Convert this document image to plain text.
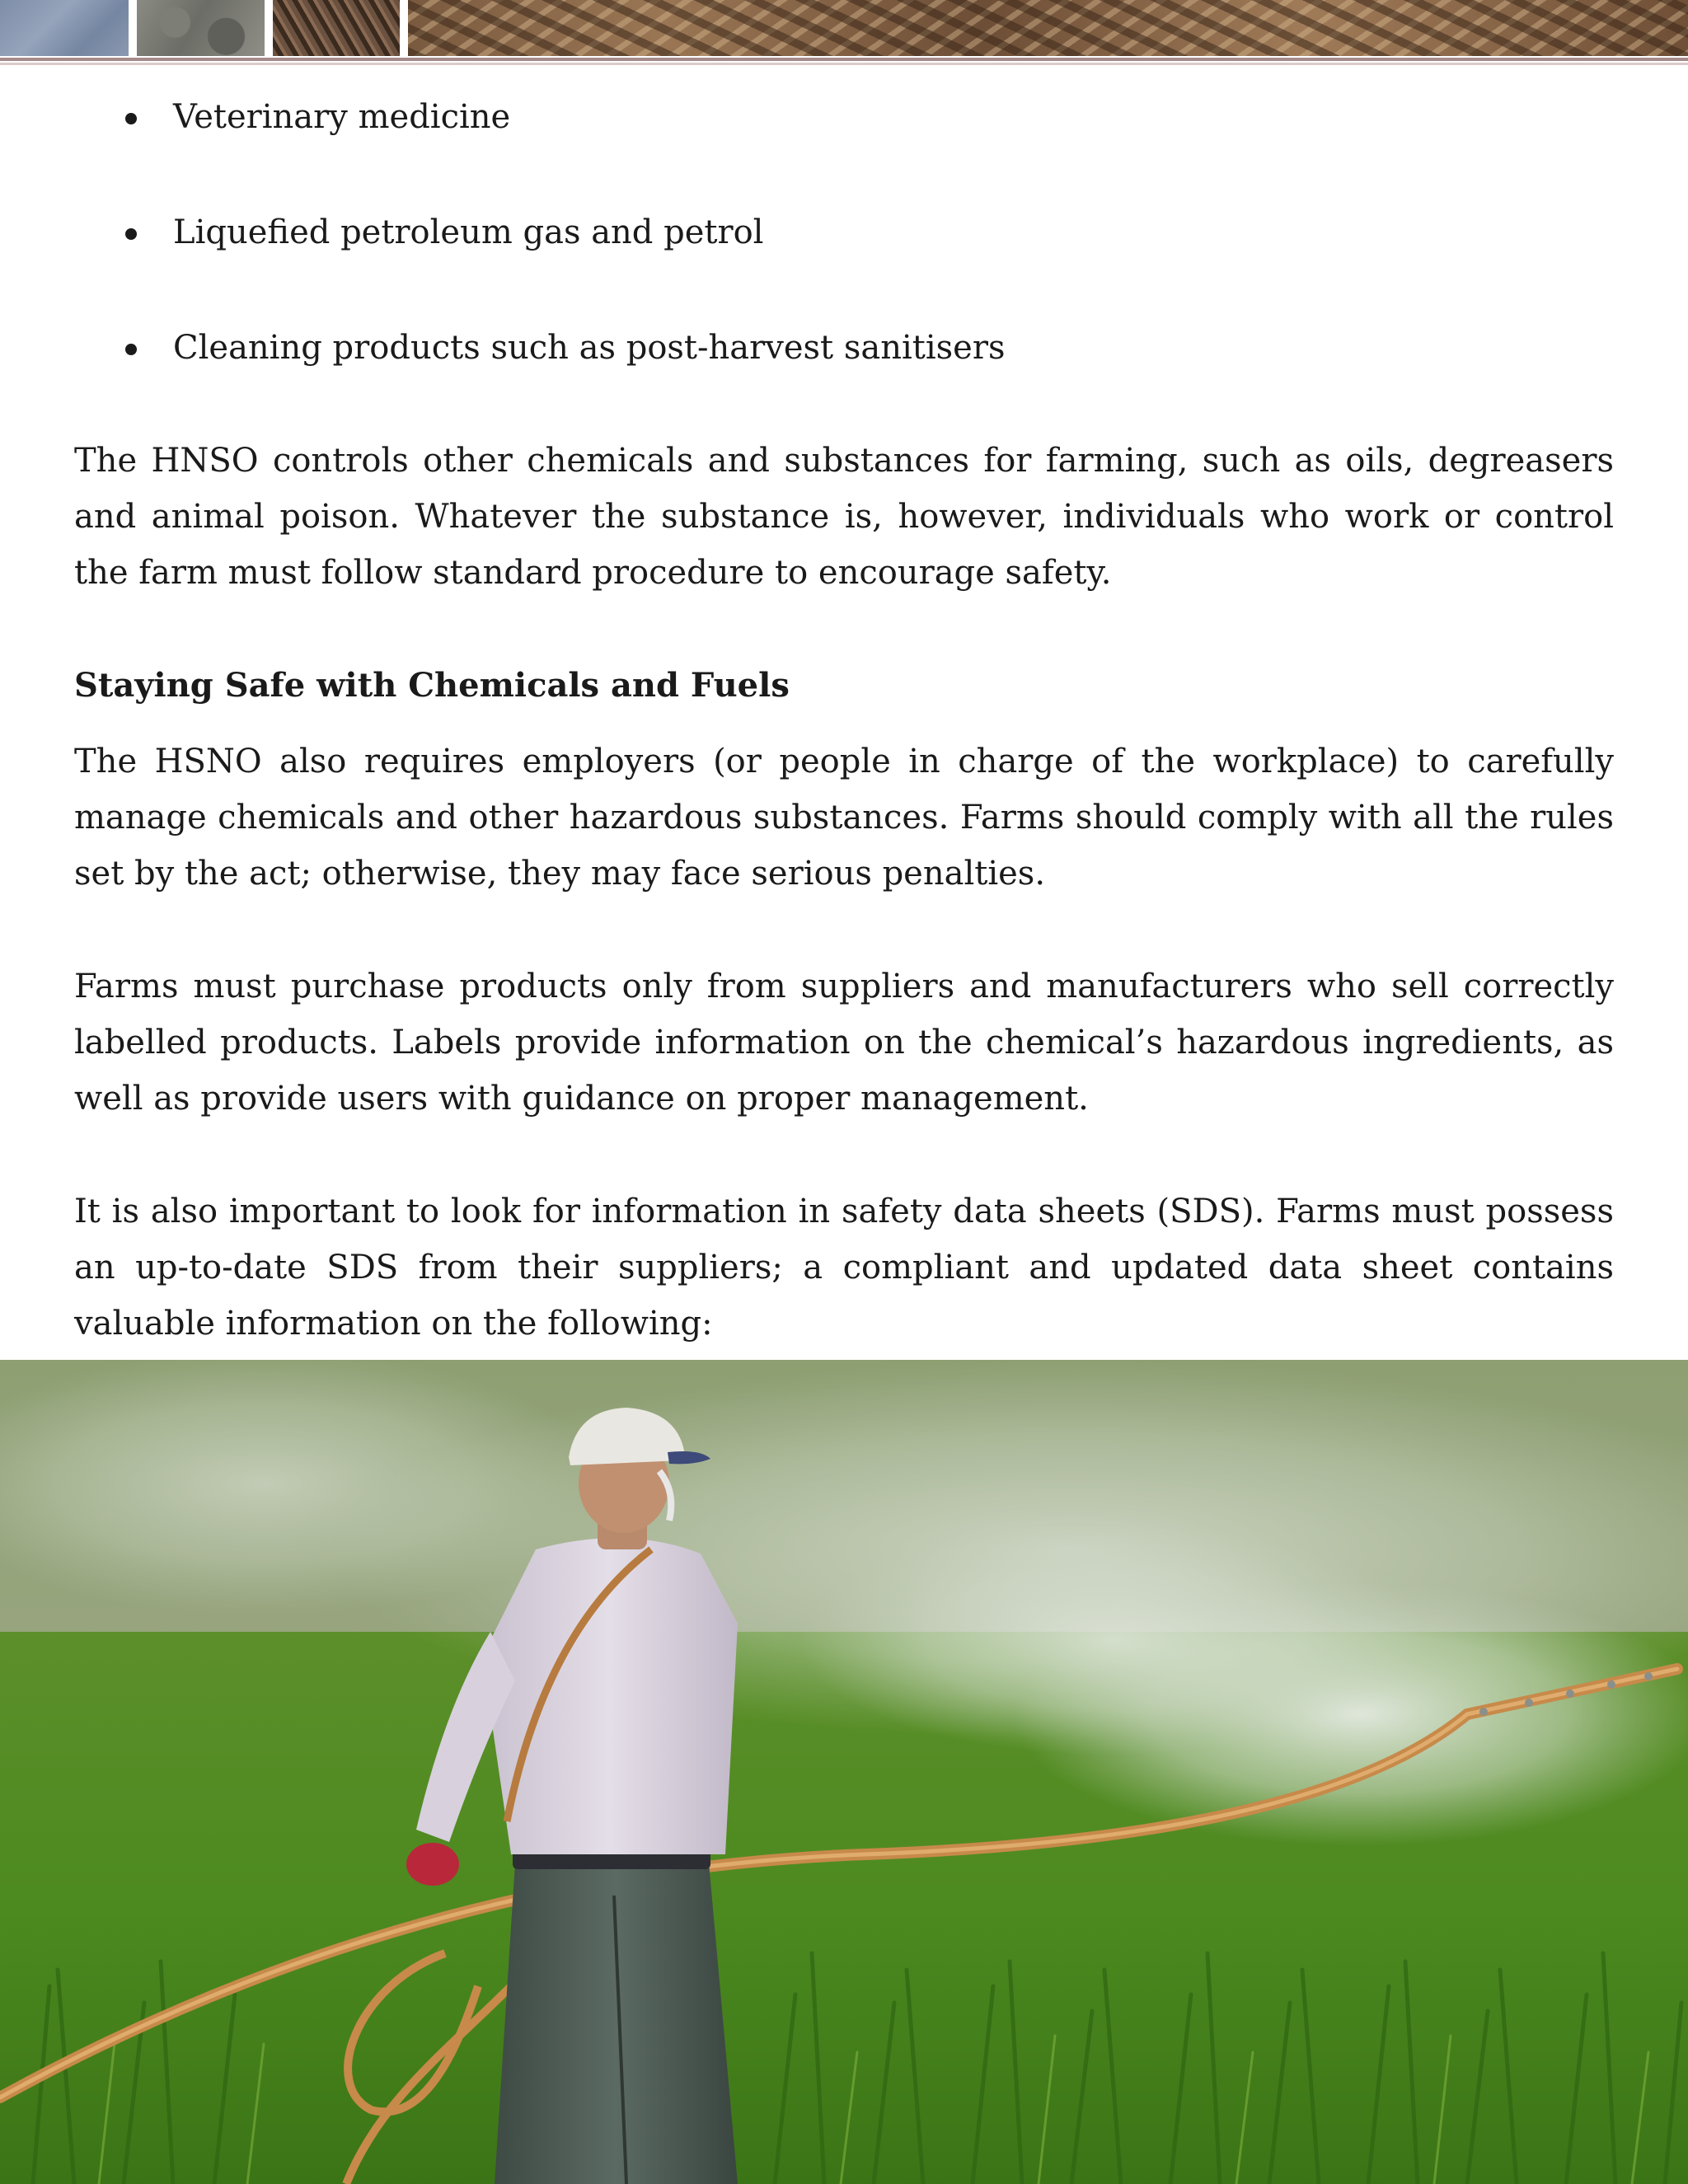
Veterinary medicine
Liquefied petroleum gas and petrol
Cleaning products such as post-harvest sanitisers

The HNSO controls other chemicals and substances for farming, such as oils, degreasers and animal poison. Whatever the substance is, however, individuals who work or control the farm must follow standard procedure to encourage safety.

Staying Safe with Chemicals and Fuels

The HSNO also requires employers (or people in charge of the workplace) to carefully manage chemicals and other hazardous substances. Farms should comply with all the rules set by the act; otherwise, they may face serious penalties.

Farms must purchase products only from suppliers and manufacturers who sell correctly labelled products. Labels provide information on the chemical’s hazardous ingredients, as well as provide users with guidance on proper management.

It is also important to look for information in safety data sheets (SDS). Farms must possess an up-to-date SDS from their suppliers; a compliant and updated data sheet contains valuable information on the following:
